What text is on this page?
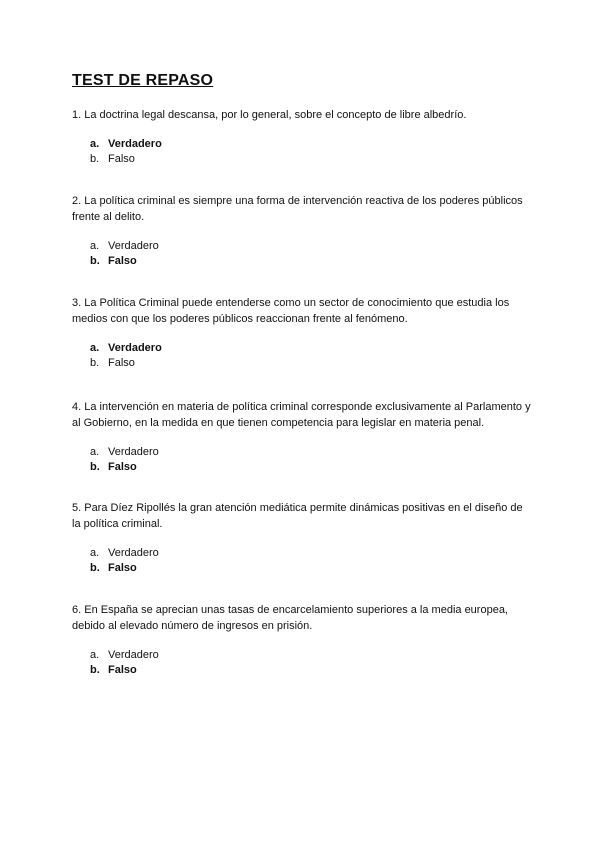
TEST DE REPASO

1. La doctrina legal descansa, por lo general, sobre el concepto de libre albedrío.

a. Verdadero
b. Falso

2. La política criminal es siempre una forma de intervención reactiva de los poderes públicos frente al delito.

a. Verdadero
b. Falso

3. La Política Criminal puede entenderse como un sector de conocimiento que estudia los medios con que los poderes públicos reaccionan frente al fenómeno.

a. Verdadero
b. Falso

4. La intervención en materia de política criminal corresponde exclusivamente al Parlamento y al Gobierno, en la medida en que tienen competencia para legislar en materia penal.

a. Verdadero
b. Falso

5. Para Díez Ripollés la gran atención mediática permite dinámicas positivas en el diseño de la política criminal.

a. Verdadero
b. Falso

6. En España se aprecian unas tasas de encarcelamiento superiores a la media europea, debido al elevado número de ingresos en prisión.

a. Verdadero
b. Falso
